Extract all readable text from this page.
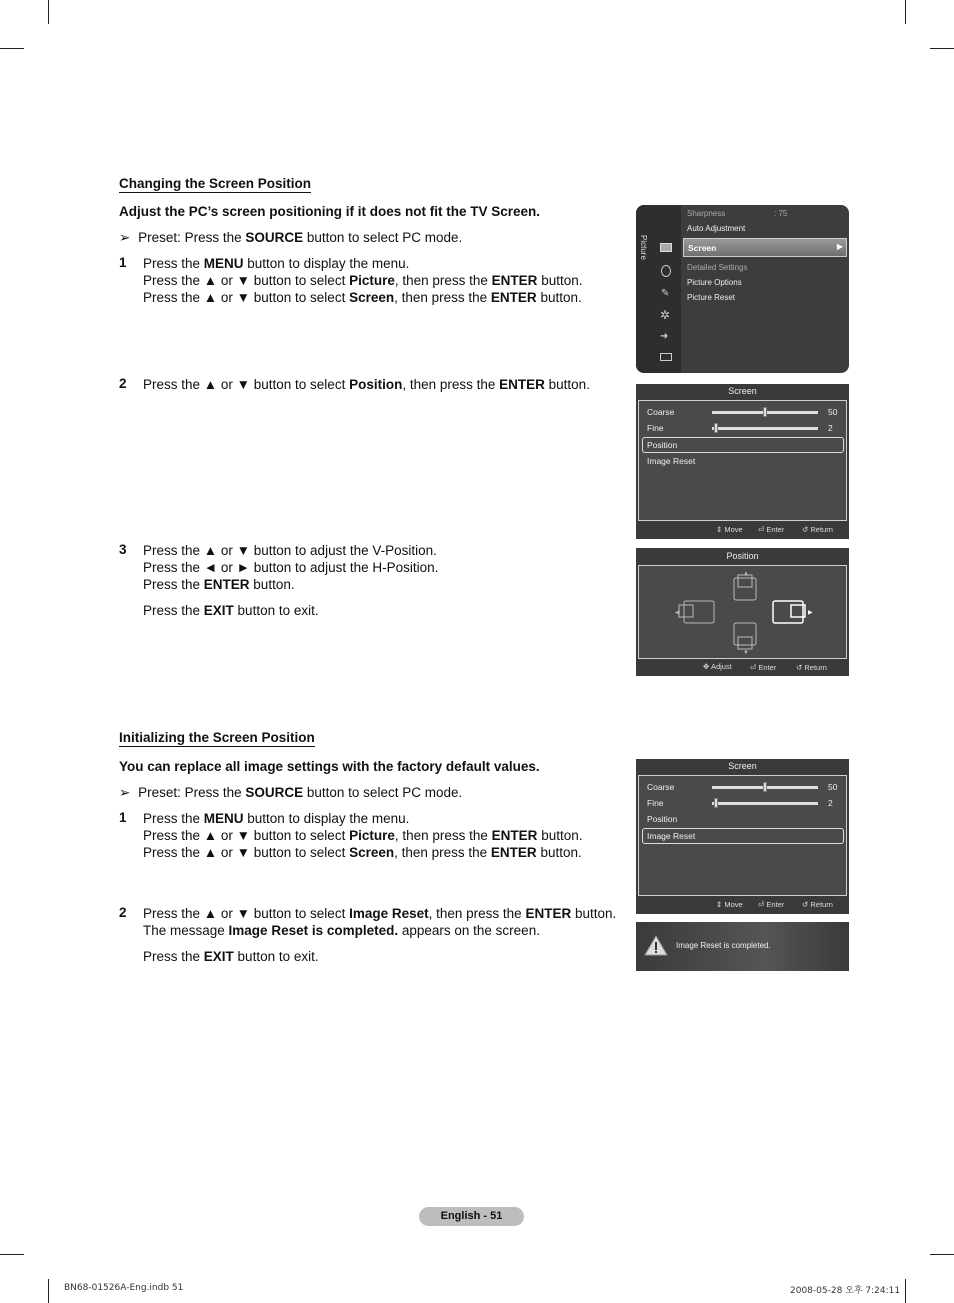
Changing the Screen Position
Adjust the PC’s screen positioning if it does not fit the TV Screen.
➢ Preset: Press the SOURCE button to select PC mode.
1 Press the MENU button to display the menu.
Press the ▲ or ▼ button to select Picture, then press the ENTER button.
Press the ▲ or ▼ button to select Screen, then press the ENTER button.
2 Press the ▲ or ▼ button to select Position, then press the ENTER button.
3 Press the ▲ or ▼ button to adjust the V-Position.
Press the ◄ or ► button to adjust the H-Position.
Press the ENTER button.
Press the EXIT button to exit.
Initializing the Screen Position
You can replace all image settings with the factory default values.
➢ Preset: Press the SOURCE button to select PC mode.
1 Press the MENU button to display the menu.
Press the ▲ or ▼ button to select Picture, then press the ENTER button.
Press the ▲ or ▼ button to select Screen, then press the ENTER button.
2 Press the ▲ or ▼ button to select Image Reset, then press the ENTER button.
The message Image Reset is completed. appears on the screen.
Press the EXIT button to exit.
Picture
✎
✲
➜
Sharpness	: 75
Auto Adjustment
Screen	▶
Detailed Settings
Picture Options
Picture Reset
Screen
Coarse	50
Fine	2
Position
Image Reset
⇕ Move ⏎ Enter ↺ Return
Position
▲
▼
◀	▶
✥ Adjust ⏎ Enter	↺ Return
Screen
Coarse	50
Fine	2
Position
Image Reset
⇕ Move ⏎ Enter ↺ Return
Image Reset is completed.
English - 51
BN68-01526A-Eng.indb 51	2008-05-28 오후 7:24:11
